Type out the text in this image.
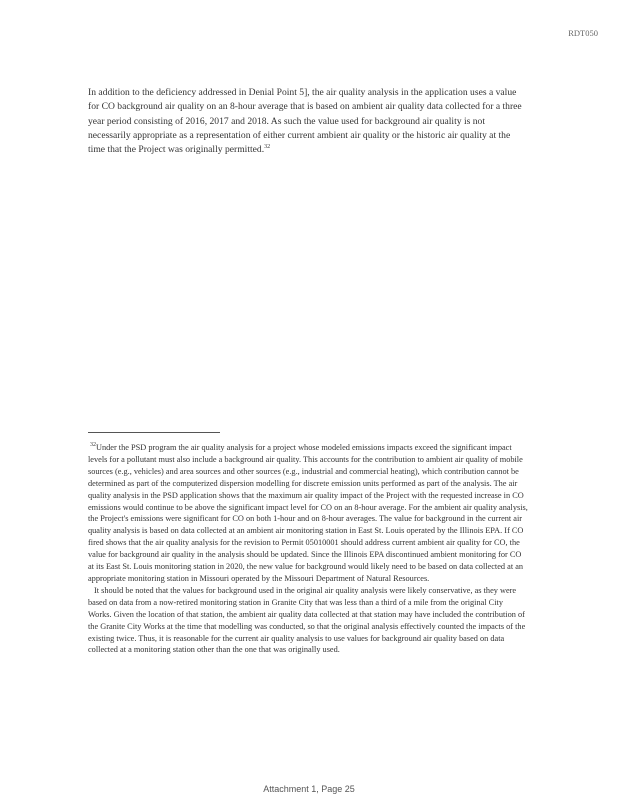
RDT050

In addition to the deficiency addressed in Denial Point 5], the air quality analysis in the application uses a value for CO background air quality on an 8-hour average that is based on ambient air quality data collected for a three year period consisting of 2016, 2017 and 2018. As such the value used for background air quality is not necessarily appropriate as a representation of either current ambient air quality or the historic air quality at the time that the Project was originally permitted.$^{32}$

$^{32}$Under the PSD program the air quality analysis for a project whose modeled emissions impacts exceed the significant impact levels for a pollutant must also include a background air quality. This accounts for the contribution to ambient air quality of mobile sources (e.g., vehicles) and area sources and other sources (e.g., industrial and commercial heating), which contribution cannot be determined as part of the computerized dispersion modelling for discrete emission units performed as part of the analysis. The air quality analysis in the PSD application shows that the maximum air quality impact of the Project with the requested increase in CO emissions would continue to be above the significant impact level for CO on an 8-hour average. For the ambient air quality analysis, the Project's emissions were significant for CO on both 1-hour and on 8-hour averages. The value for background in the current air quality analysis is based on data collected at an ambient air monitoring station in East St. Louis operated by the Illinois EPA. If CO fired shows that the air quality analysis for the revision to Permit 05010001 should address current ambient air quality for CO, the value for background air quality in the analysis should be updated. Since the Illinois EPA discontinued ambient monitoring for CO at its East St. Louis monitoring station in 2020, the new value for background would likely need to be based on data collected at an appropriate monitoring station in Missouri operated by the Missouri Department of Natural Resources.

It should be noted that the values for background used in the original air quality analysis were likely conservative, as they were based on data from a now-retired monitoring station in Granite City that was less than a third of a mile from the original City Works. Given the location of that station, the ambient air quality data collected at that station may have included the contribution of the Granite City Works at the time that modelling was conducted, so that the original analysis effectively counted the impacts of the existing twice. Thus, it is reasonable for the current air quality analysis to use values for background air quality based on data collected at a monitoring station other than the one that was originally used.

Attachment 1, Page 25
